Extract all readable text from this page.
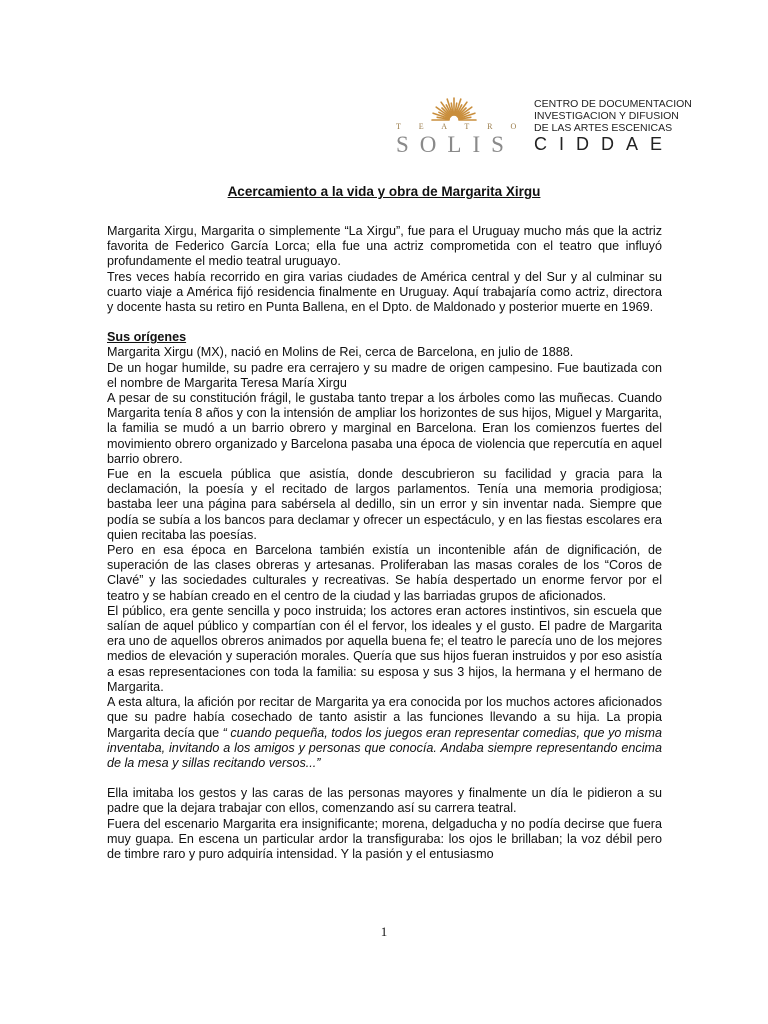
T E A T R O
SOLIS
CENTRO DE DOCUMENTACION
INVESTIGACION Y DIFUSION
DE LAS ARTES ESCENICAS
CIDDAE
Acercamiento a la vida y obra de Margarita Xirgu

Margarita Xirgu, Margarita o simplemente “La Xirgu”, fue para el Uruguay mucho más que la actriz favorita de Federico García Lorca; ella fue una actriz comprometida con el teatro que influyó profundamente el medio teatral uruguayo.

Tres veces había recorrido en gira varias ciudades de América central y del Sur y al culminar su cuarto viaje a América fijó residencia finalmente en Uruguay. Aquí trabajaría como actriz, directora y docente hasta su retiro en Punta Ballena, en el Dpto. de Maldonado y posterior muerte en 1969.

Sus orígenes

Margarita Xirgu (MX), nació en Molins de Rei, cerca de Barcelona, en julio de 1888.

De un hogar humilde, su padre era cerrajero y su madre de origen campesino. Fue bautizada con el nombre de Margarita Teresa María Xirgu

A pesar de su constitución frágil, le gustaba tanto trepar a los árboles como las muñecas. Cuando Margarita tenía 8 años y con la intensión de ampliar los horizontes de sus hijos, Miguel y Margarita, la familia se mudó a un barrio obrero y marginal en Barcelona. Eran los comienzos fuertes del movimiento obrero organizado y Barcelona pasaba una época de violencia que repercutía en aquel barrio obrero.

Fue en la escuela pública que asistía, donde descubrieron su facilidad y gracia para la declamación, la poesía y el recitado de largos parlamentos. Tenía una memoria prodigiosa; bastaba leer una página para sabérsela al dedillo, sin un error y sin inventar nada. Siempre que podía se subía a los bancos para declamar y ofrecer un espectáculo, y en las fiestas escolares era quien recitaba las poesías.

Pero en esa época en Barcelona también existía un incontenible afán de dignificación, de superación de las clases obreras y artesanas. Proliferaban las masas corales de los “Coros de Clavé” y las sociedades culturales y recreativas. Se había despertado un enorme fervor por el teatro y se habían creado en el centro de la ciudad y las barriadas grupos de aficionados.

El público, era gente sencilla y poco instruida; los actores eran actores instintivos, sin escuela que salían de aquel público y compartían con él el fervor, los ideales y el gusto. El padre de Margarita era uno de aquellos obreros animados por aquella buena fe; el teatro le parecía uno de los mejores medios de elevación y superación morales. Quería que sus hijos fueran instruidos y por eso asistía a esas representaciones con toda la familia: su esposa y sus 3 hijos, la hermana y el hermano de Margarita.

A esta altura, la afición por recitar de Margarita ya era conocida por los muchos actores aficionados que su padre había cosechado de tanto asistir a las funciones llevando a su hija. La propia Margarita decía que “ cuando pequeña, todos los juegos eran representar comedias, que yo misma inventaba, invitando a los amigos y personas que conocía. Andaba siempre representando encima de la mesa y sillas recitando versos...”

Ella imitaba los gestos y las caras de las personas mayores y finalmente un día le pidieron a su padre que la dejara trabajar con ellos, comenzando así su carrera teatral.

Fuera del escenario Margarita era insignificante; morena, delgaducha y no podía decirse que fuera muy guapa. En escena un particular ardor la transfiguraba: los ojos le brillaban; la voz débil pero de timbre raro y puro adquiría intensidad. Y la pasión y el entusiasmo

1
